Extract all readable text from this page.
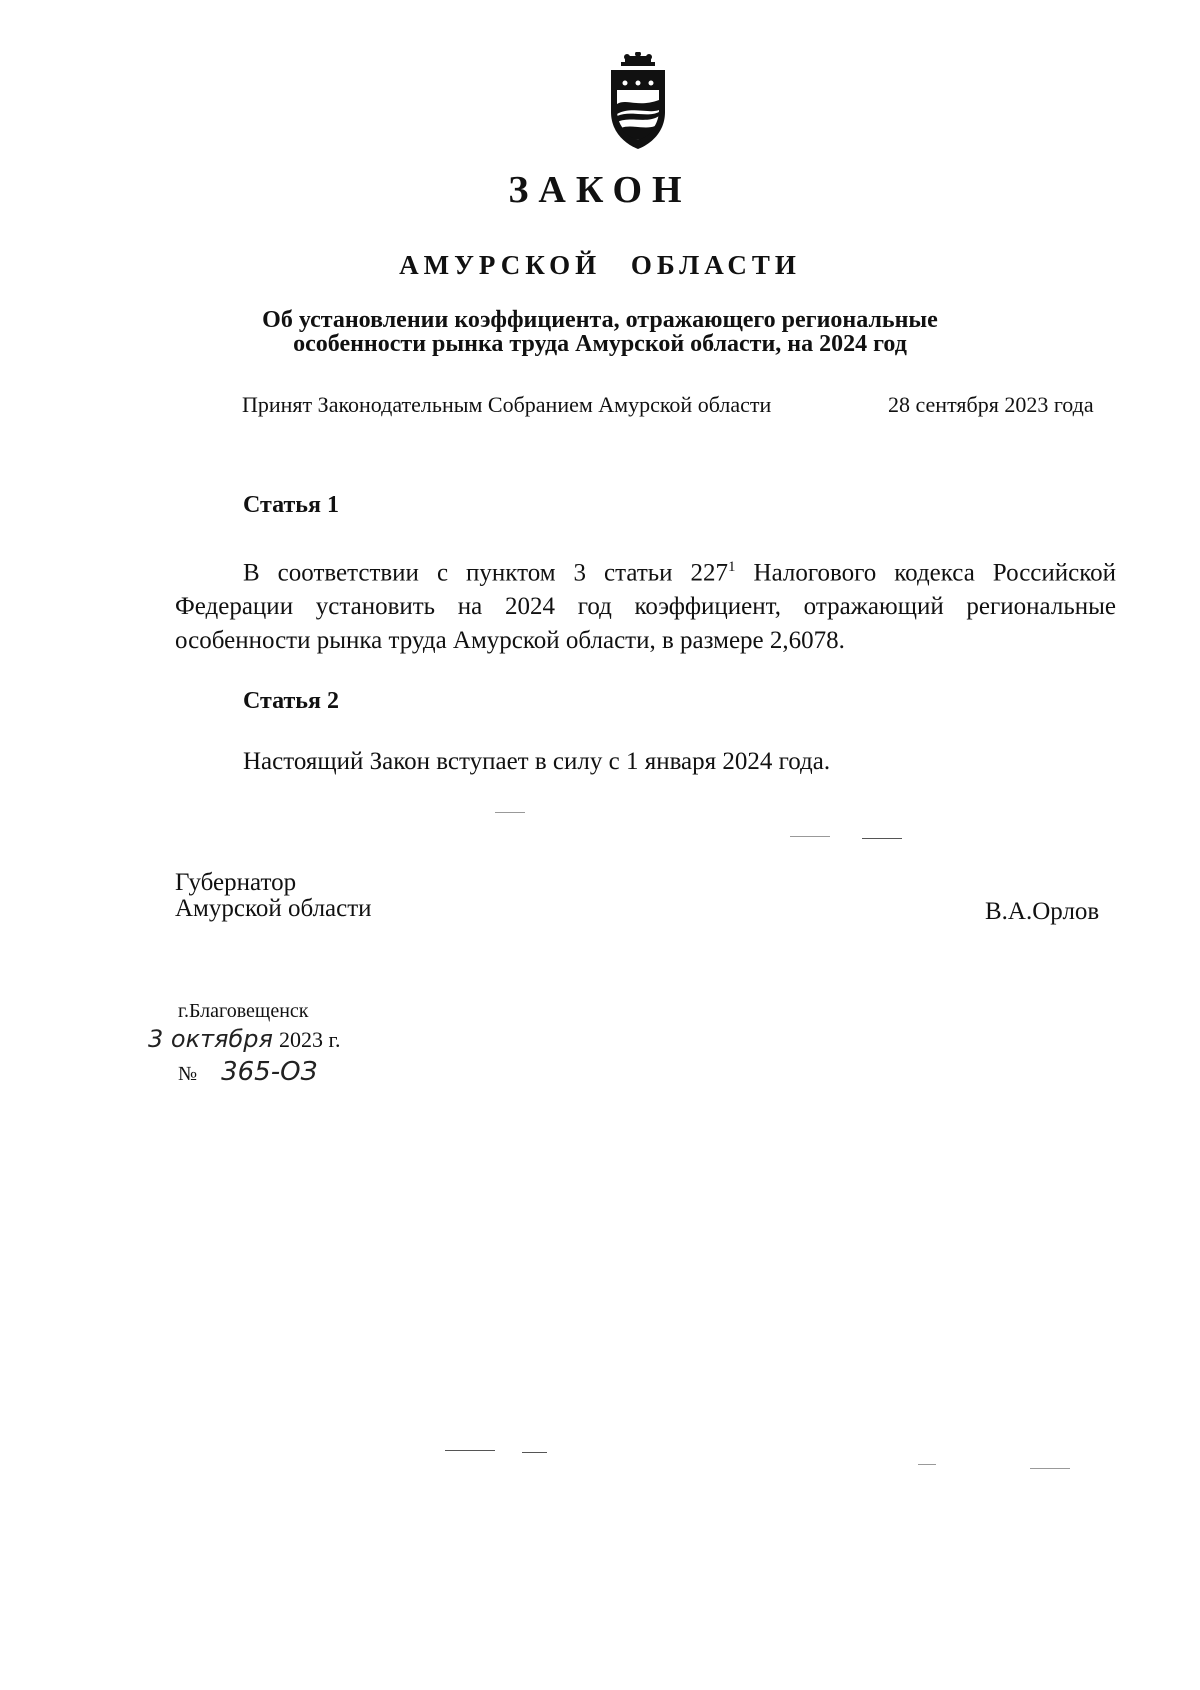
ЗАКОН
АМУРСКОЙ ОБЛАСТИ
Об установлении коэффициента, отражающего региональные
особенности рынка труда Амурской области, на 2024 год
Принят Законодательным Собранием Амурской области	28 сентября 2023 года
Статья 1
В соответствии с пунктом 3 статьи $227^1$ Налогового кодекса Российской Федерации установить на 2024 год коэффициент, отражающий региональные особенности рынка труда Амурской области, в размере 2,6078.
Статья 2
Настоящий Закон вступает в силу с 1 января 2024 года.
Губернатор
Амурской области	В.А.Орлов
г.Благовещенск
3 октября 2023 г.
№ 365-ОЗ
